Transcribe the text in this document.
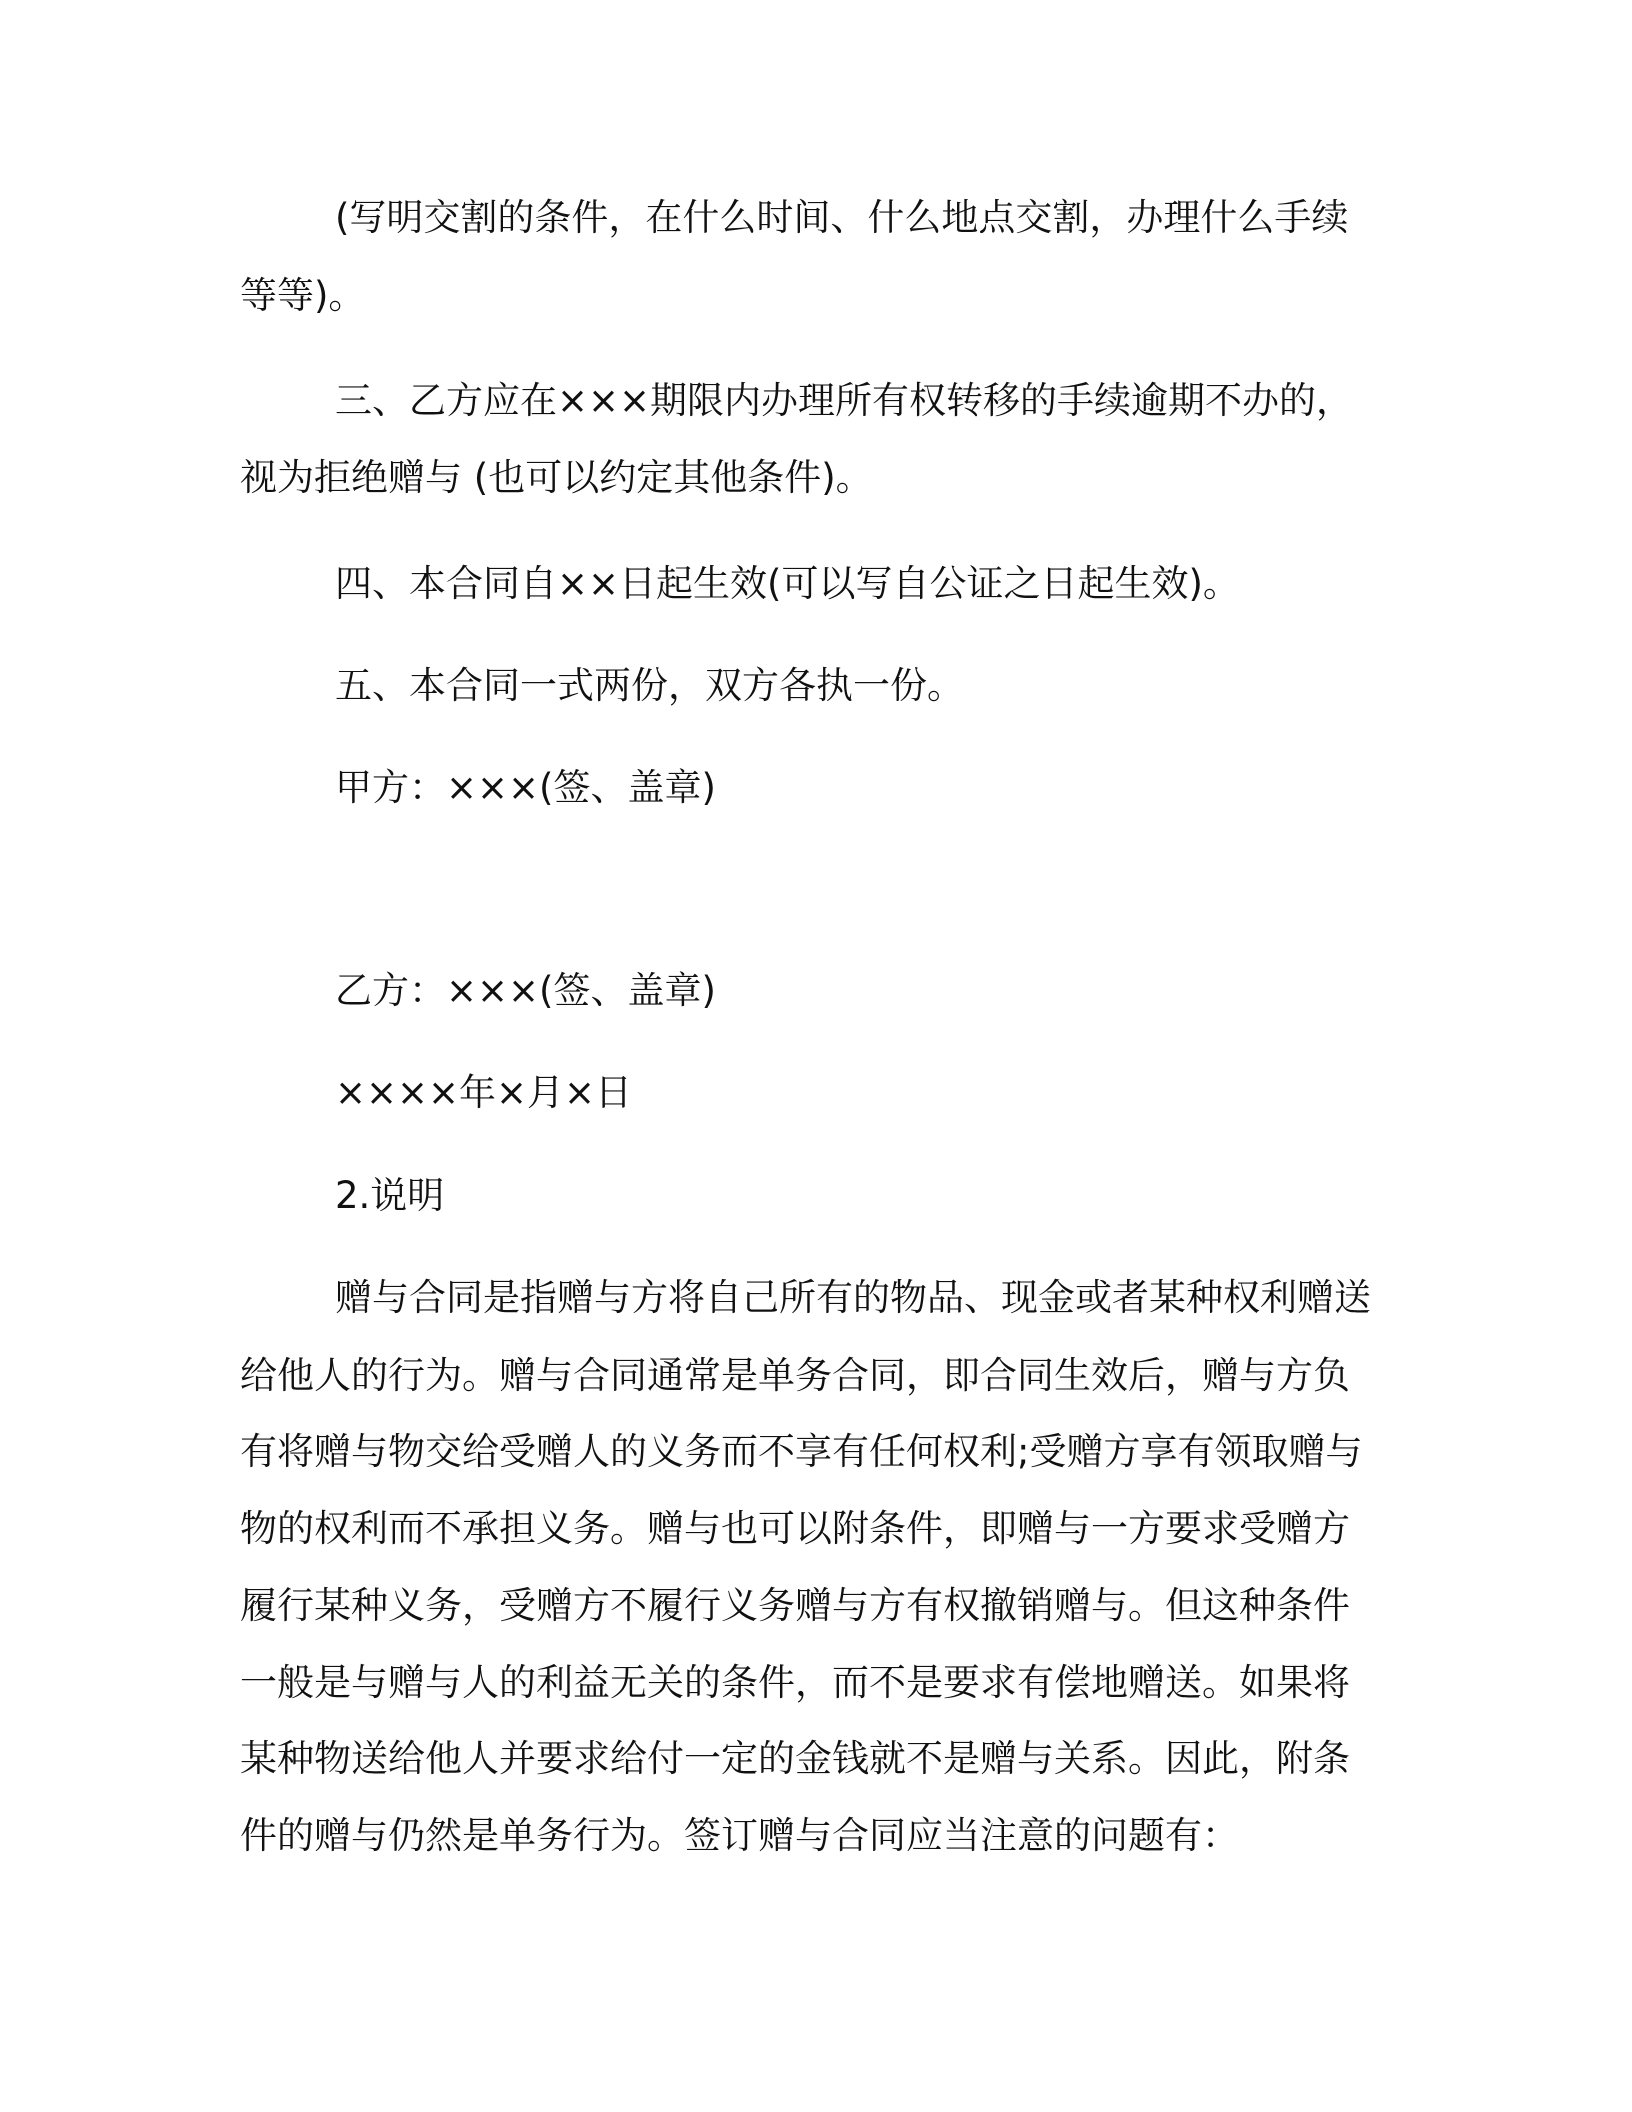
(写明交割的条件，在什么时间、什么地点交割，办理什么手续
等等)。
三、乙方应在×××期限内办理所有权转移的手续逾期不办的，
视为拒绝赠与 (也可以约定其他条件)。
四、本合同自××日起生效(可以写自公证之日起生效)。
五、本合同一式两份，双方各执一份。
甲方：×××(签、盖章)
乙方：×××(签、盖章)
××××年×月×日
2.说明
赠与合同是指赠与方将自己所有的物品、现金或者某种权利赠送
给他人的行为。赠与合同通常是单务合同，即合同生效后，赠与方负
有将赠与物交给受赠人的义务而不享有任何权利;受赠方享有领取赠与
物的权利而不承担义务。赠与也可以附条件，即赠与一方要求受赠方
履行某种义务，受赠方不履行义务赠与方有权撤销赠与。但这种条件
一般是与赠与人的利益无关的条件，而不是要求有偿地赠送。如果将
某种物送给他人并要求给付一定的金钱就不是赠与关系。因此，附条
件的赠与仍然是单务行为。签订赠与合同应当注意的问题有：
